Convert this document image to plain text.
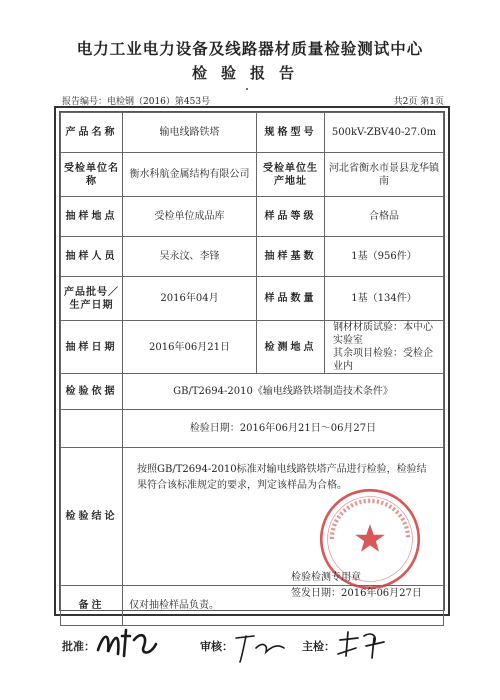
电力工业电力设备及线路器材质量检验测试中心
检验报告
报告编号：电检钢（2016）第453号	共2页 第1页
产品名称	输电线路铁塔	规格型号	500kV-ZBV40-27.0m
受检单位名称	衡水科航金属结构有限公司	受检单位生产地址	河北省衡水市景县龙华镇南
抽样地点	受检单位成品库	样品等级	合格品
抽样人员	吴永汶、李锋	抽样基数	1基（956件）
产品批号／生产日期	2016年04月	样品数量	1基（134件）
抽样日期	2016年06月21日	检测地点	钢材材质试验：本中心实验室
其余项目检验：受检企业内

检验依据	GB/T2694-2010《输电线路铁塔制造技术条件》		
	检验日期：2016年06月21日～06月27日		
检验结论	按照GB/T2694-2010标准对输电线路铁塔产品进行检验，检验结果符合该标准规定的要求，判定该样品为合格。
检验检测专用章
签发日期：2016年06月27日		

备注	仅对抽检样品负责。		
批准：	审核：	主检：
